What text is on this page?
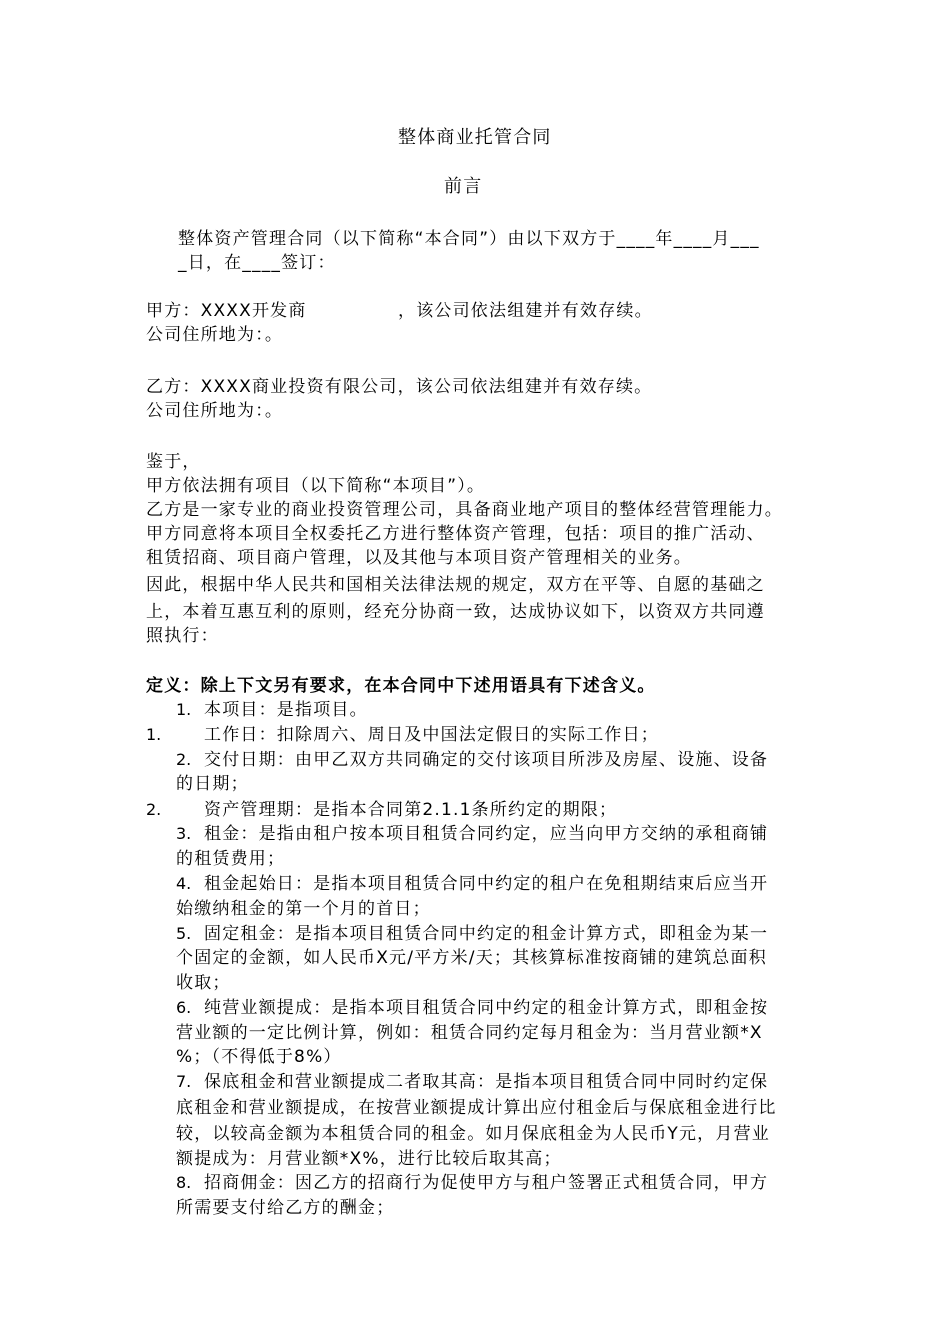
整体商业托管合同
前言
整体资产管理合同（以下简称“本合同”）由以下双方于____年____月___
_日，在____签订：
甲方：XXXX开发商	，该公司依法组建并有效存续。
公司住所地为：。
乙方：XXXX商业投资有限公司，该公司依法组建并有效存续。
公司住所地为：。
鉴于，
甲方依法拥有项目（以下简称“本项目”）。
乙方是一家专业的商业投资管理公司，具备商业地产项目的整体经营管理能力。
甲方同意将本项目全权委托乙方进行整体资产管理，包括：项目的推广活动、
租赁招商、项目商户管理，以及其他与本项目资产管理相关的业务。
因此，根据中华人民共和国相关法律法规的规定，双方在平等、自愿的基础之
上，本着互惠互利的原则，经充分协商一致，达成协议如下，以资双方共同遵
照执行：
定义：除上下文另有要求，在本合同中下述用语具有下述含义。
1. 本项目：是指项目。
1.	工作日：扣除周六、周日及中国法定假日的实际工作日；
2. 交付日期：由甲乙双方共同确定的交付该项目所涉及房屋、设施、设备
的日期；
2.	资产管理期：是指本合同第2.1.1条所约定的期限；
3. 租金：是指由租户按本项目租赁合同约定，应当向甲方交纳的承租商铺
的租赁费用；
4. 租金起始日：是指本项目租赁合同中约定的租户在免租期结束后应当开
始缴纳租金的第一个月的首日；
5. 固定租金：是指本项目租赁合同中约定的租金计算方式，即租金为某一
个固定的金额，如人民币X元/平方米/天；其核算标准按商铺的建筑总面积
收取；
6. 纯营业额提成：是指本项目租赁合同中约定的租金计算方式，即租金按
营业额的一定比例计算，例如：租赁合同约定每月租金为：当月营业额*X
%；（不得低于8%）
7. 保底租金和营业额提成二者取其高：是指本项目租赁合同中同时约定保
底租金和营业额提成，在按营业额提成计算出应付租金后与保底租金进行比
较，以较高金额为本租赁合同的租金。如月保底租金为人民币Y元，月营业
额提成为：月营业额*X%，进行比较后取其高；
8. 招商佣金：因乙方的招商行为促使甲方与租户签署正式租赁合同，甲方
所需要支付给乙方的酬金；
